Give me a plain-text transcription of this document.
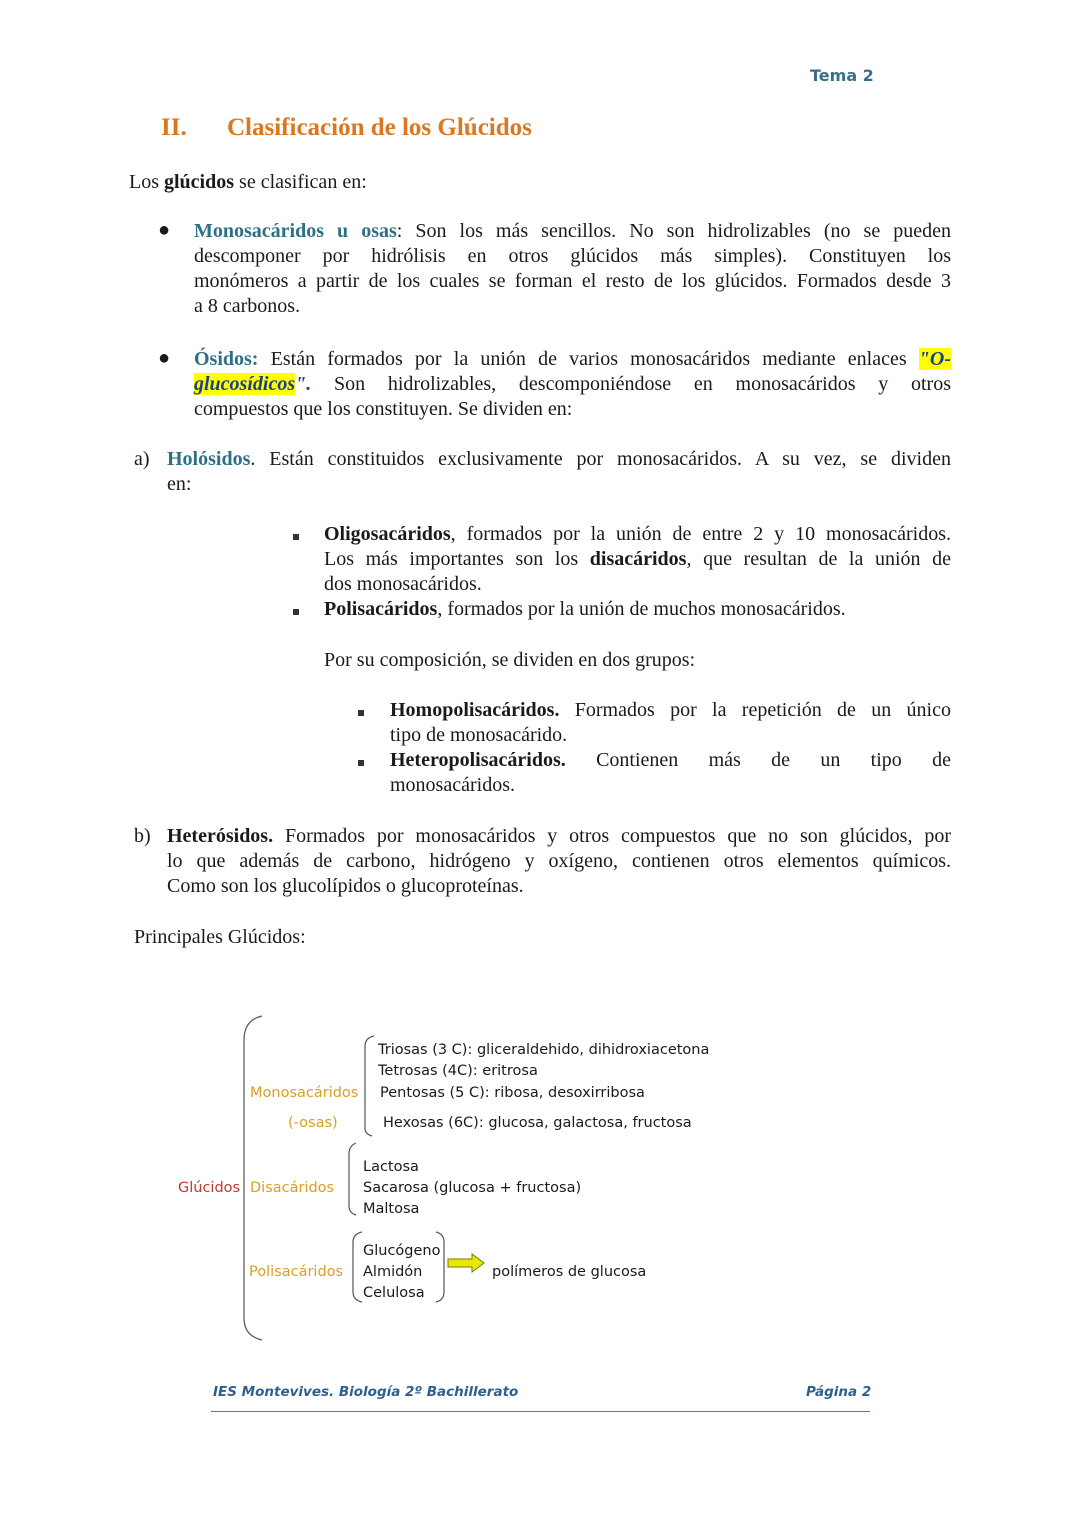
Tema 2
II. Clasificación de los Glúcidos
Los glúcidos se clasifican en:
● Monosacáridos u osas: Son los más sencillos. No son hidrolizables (no se pueden
descomponer por hidrólisis en otros glúcidos más simples). Constituyen los
monómeros a partir de los cuales se forman el resto de los glúcidos. Formados desde 3
a 8 carbonos.
● Ósidos: Están formados por la unión de varios monosacáridos mediante enlaces "O-
glucosídicos". Son hidrolizables, descomponiéndose en monosacáridos y otros
compuestos que los constituyen. Se dividen en:
a) Holósidos. Están constituidos exclusivamente por monosacáridos. A su vez, se dividen
en:
Oligosacáridos, formados por la unión de entre 2 y 10 monosacáridos.
Los más importantes son los disacáridos, que resultan de la unión de
dos monosacáridos.
Polisacáridos, formados por la unión de muchos monosacáridos.
Por su composición, se dividen en dos grupos:
Homopolisacáridos. Formados por la repetición de un único
tipo de monosacárido.
Heteropolisacáridos. Contienen más de un tipo de
monosacáridos.
b) Heterósidos. Formados por monosacáridos y otros compuestos que no son glúcidos, por
lo que además de carbono, hidrógeno y oxígeno, contienen otros elementos químicos.
Como son los glucolípidos o glucoproteínas.
Principales Glúcidos:
Glúcidos
Monosacáridos
(-osas)
Triosas (3 C): gliceraldehido, dihidroxiacetona
Tetrosas (4C): eritrosa
Pentosas (5 C): ribosa, desoxirribosa
Hexosas (6C): glucosa, galactosa, fructosa
Disacáridos
Lactosa
Sacarosa (glucosa + fructosa)
Maltosa
Polisacáridos
Glucógeno
Almidón
Celulosa
polímeros de glucosa
IES Montevives. Biología 2º Bachillerato	Página 2
